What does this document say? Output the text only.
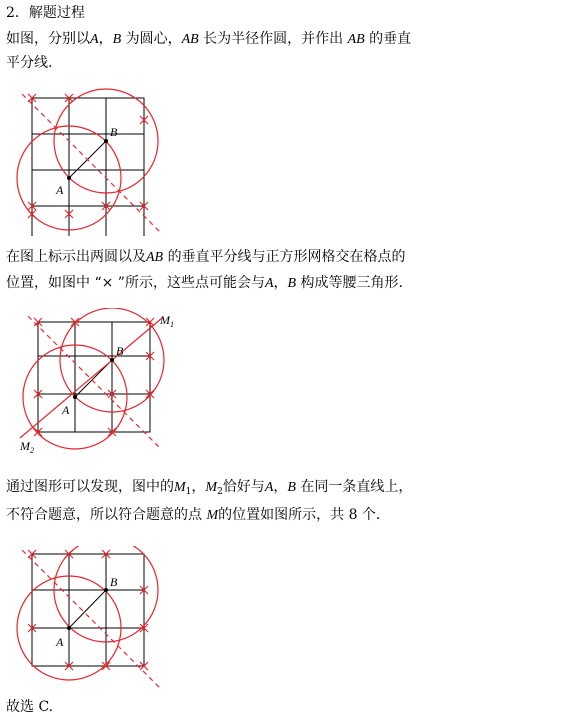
2．解题过程
如图，分别以A，B 为圆心，AB 长为半径作圆，并作出 AB 的垂直
平分线.
A
B
在图上标示出两圆以及AB 的垂直平分线与正方形网格交在格点的
位置，如图中 “× ”所示，这些点可能会与A，B 构成等腰三角形.
A
B
$M_1$
$M_2$
通过图形可以发现，图中的$M_1$，$M_2$恰好与A，B 在同一条直线上，
不符合题意，所以符合题意的点 M的位置如图所示，共 8 个.
A
B
故选 C.
